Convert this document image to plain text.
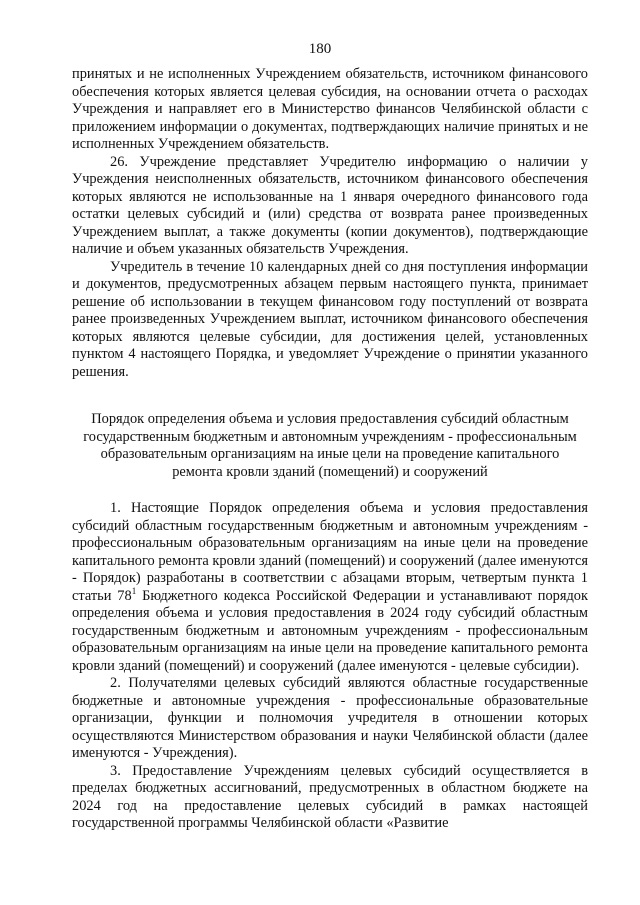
180

принятых и не исполненных Учреждением обязательств, источником финансового обеспечения которых является целевая субсидия, на основании отчета о расходах Учреждения и направляет его в Министерство финансов Челябинской области с приложением информации о документах, подтверждающих наличие принятых и не исполненных Учреждением обязательств.

26. Учреждение представляет Учредителю информацию о наличии у Учреждения неисполненных обязательств, источником финансового обеспечения которых являются не использованные на 1 января очередного финансового года остатки целевых субсидий и (или) средства от возврата ранее произведенных Учреждением выплат, а также документы (копии документов), подтверждающие наличие и объем указанных обязательств Учреждения.

Учредитель в течение 10 календарных дней со дня поступления информации и документов, предусмотренных абзацем первым настоящего пункта, принимает решение об использовании в текущем финансовом году поступлений от возврата ранее произведенных Учреждением выплат, источником финансового обеспечения которых являются целевые субсидии, для достижения целей, установленных пунктом 4 настоящего Порядка, и уведомляет Учреждение о принятии указанного решения.

Порядок определения объема и условия предоставления субсидий областным
государственным бюджетным и автономным учреждениям - профессиональным
образовательным организациям на иные цели на проведение капитального
ремонта кровли зданий (помещений) и сооружений

1. Настоящие Порядок определения объема и условия предоставления субсидий областным государственным бюджетным и автономным учреждениям - профессиональным образовательным организациям на иные цели на проведение капитального ремонта кровли зданий (помещений) и сооружений (далее именуются - Порядок) разработаны в соответствии с абзацами вторым, четвертым пункта 1 статьи $78^1$ Бюджетного кодекса Российской Федерации и устанавливают порядок определения объема и условия предоставления в 2024 году субсидий областным государственным бюджетным и автономным учреждениям - профессиональным образовательным организациям на иные цели на проведение капитального ремонта кровли зданий (помещений) и сооружений (далее именуются - целевые субсидии).

2. Получателями целевых субсидий являются областные государственные бюджетные и автономные учреждения - профессиональные образовательные организации, функции и полномочия учредителя в отношении которых осуществляются Министерством образования и науки Челябинской области (далее именуются - Учреждения).

3. Предоставление Учреждениям целевых субсидий осуществляется в пределах бюджетных ассигнований, предусмотренных в областном бюджете на 2024 год на предоставление целевых субсидий в рамках настоящей государственной программы Челябинской области «Развитие
